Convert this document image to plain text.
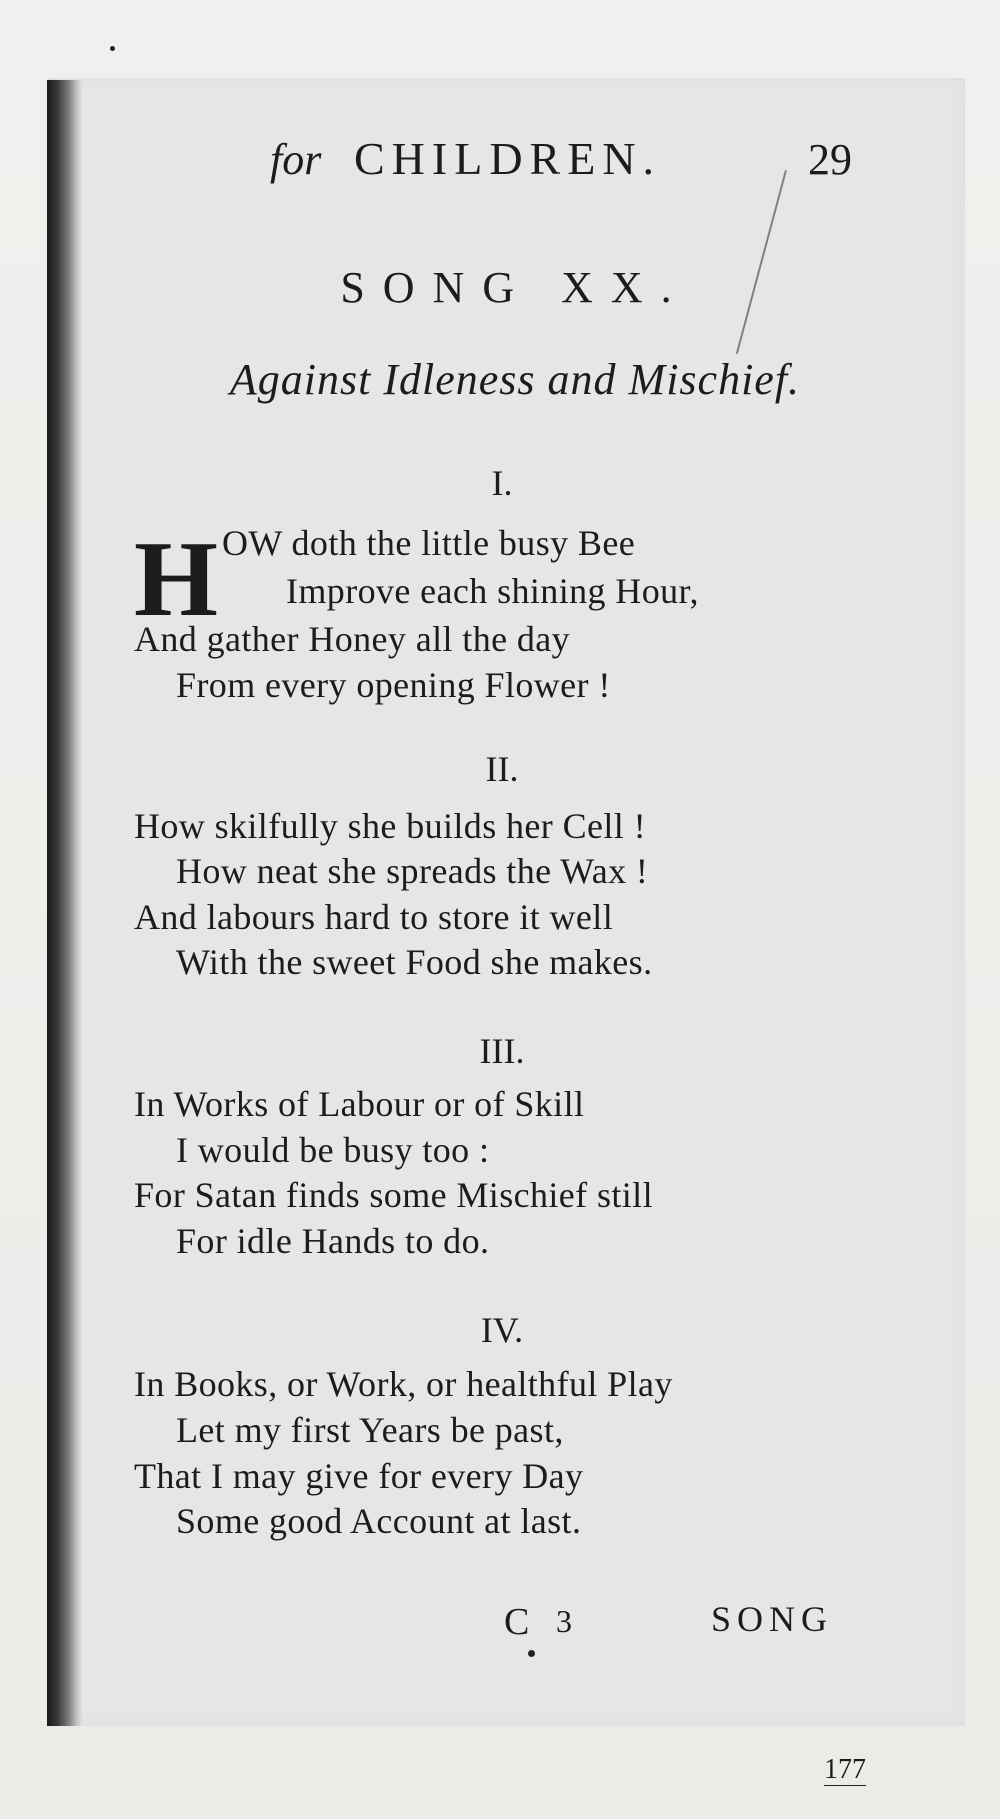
for CHILDREN.	29
SONG XX.
Against Idleness and Mischief.
I.
H OW doth the little busy Bee
Improve each shining Hour,
And gather Honey all the day
From every opening Flower !
II.
How skilfully she builds her Cell !
How neat she spreads the Wax !
And labours hard to store it well
With the sweet Food she makes.
III.
In Works of Labour or of Skill
I would be busy too :
For Satan finds some Mischief still
For idle Hands to do.
IV.
In Books, or Work, or healthful Play
Let my first Years be past,
That I may give for every Day
Some good Account at last.
C 3	SONG
177
